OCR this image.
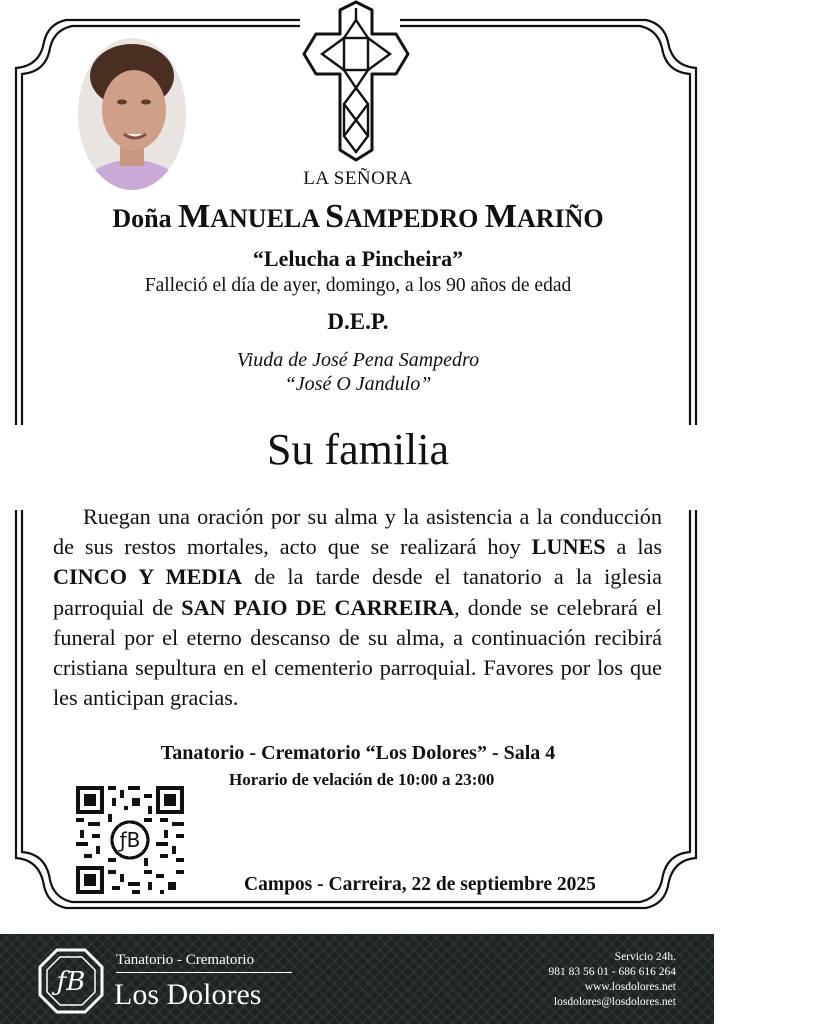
LA SEÑORA
Doña MANUELA SAMPEDRO MARIÑO
“Lelucha a Pincheira”
Falleció el día de ayer, domingo, a los 90 años de edad
D.E.P.
Viuda de José Pena Sampedro
“José O Jandulo”
Su familia
Ruegan una oración por su alma y la asistencia a la conducción de sus restos mortales, acto que se realizará hoy LUNES a las CINCO Y MEDIA de la tarde desde el tanatorio a la iglesia parroquial de SAN PAIO DE CARREIRA, donde se celebrará el funeral por el eterno descanso de su alma, a continuación recibirá cristiana sepultura en el cementerio parroquial. Favores por los que les anticipan gracias.
Tanatorio - Crematorio “Los Dolores” - Sala 4
Horario de velación de 10:00 a 23:00
ƒB
Campos - Carreira, 22 de septiembre 2025
ƒB
Tanatorio - Crematorio
Los Dolores
Servicio 24h.
981 83 56 01 - 686 616 264
www.losdolores.net
losdolores@losdolores.net
